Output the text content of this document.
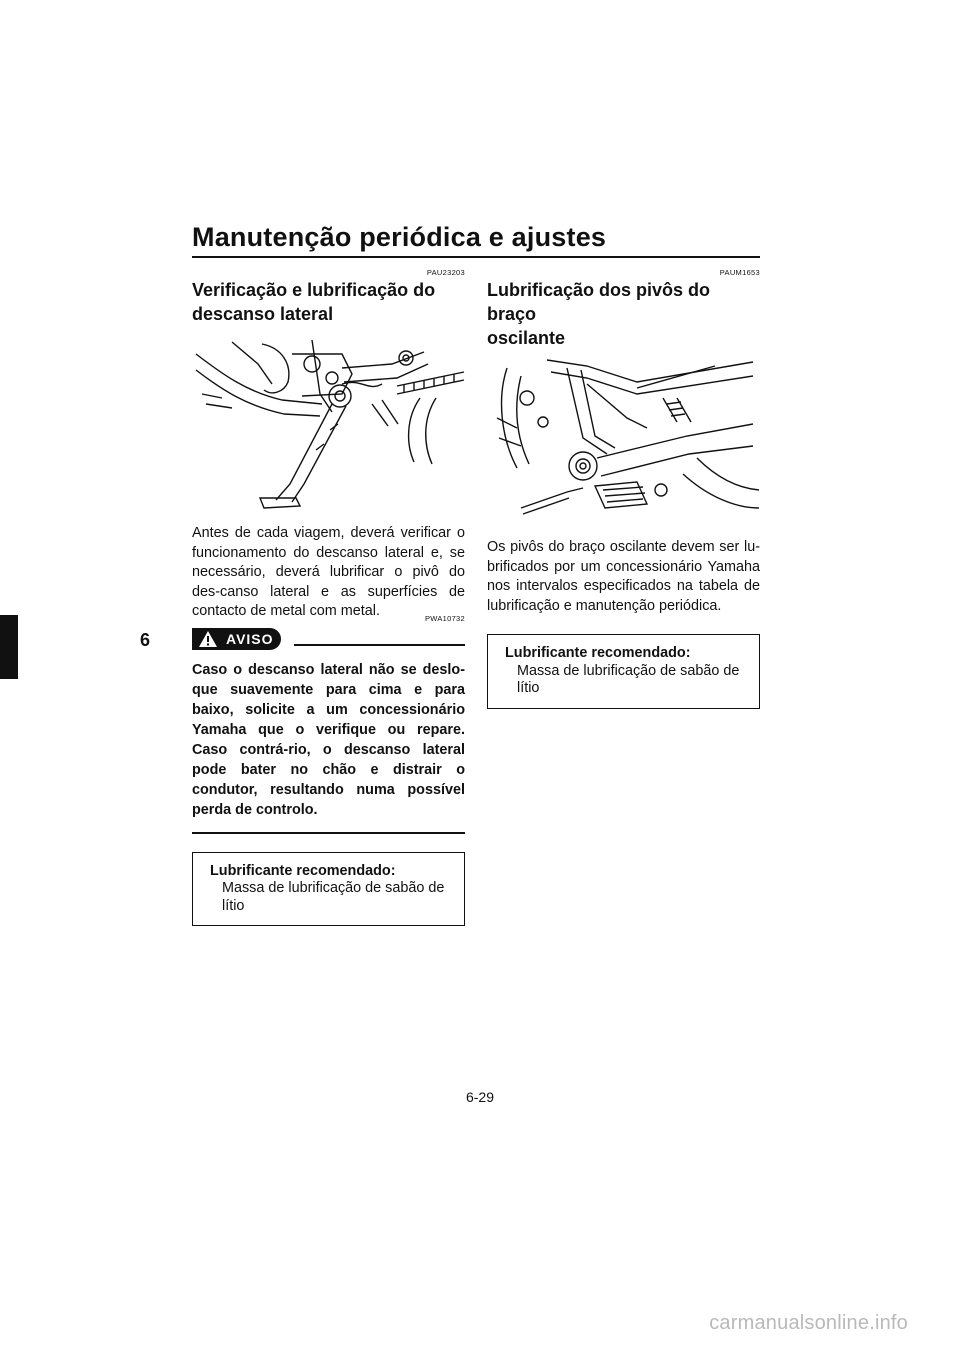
Manutenção periódica e ajustes
6

PAU23203

Verificação e lubrificação do
descanso lateral

Antes de cada viagem, deverá verificar o funcionamento do descanso lateral e, se necessário, deverá lubrificar o pivô do des-canso lateral e as superfícies de contacto de metal com metal.	PWA10732
AVISO

Caso o descanso lateral não se deslo-que suavemente para cima e para baixo, solicite a um concessionário Yamaha que o verifique ou repare. Caso contrá-rio, o descanso lateral pode bater no chão e distrair o condutor, resultando numa possível perda de controlo.

Lubrificante recomendado:
Massa de lubrificação de sabão de lítio

PAUM1653

Lubrificação dos pivôs do braço
oscilante

Os pivôs do braço oscilante devem ser lu-brificados por um concessionário Yamaha nos intervalos especificados na tabela de lubrificação e manutenção periódica.

Lubrificante recomendado:
Massa de lubrificação de sabão de lítio
6-29
carmanualsonline.info
